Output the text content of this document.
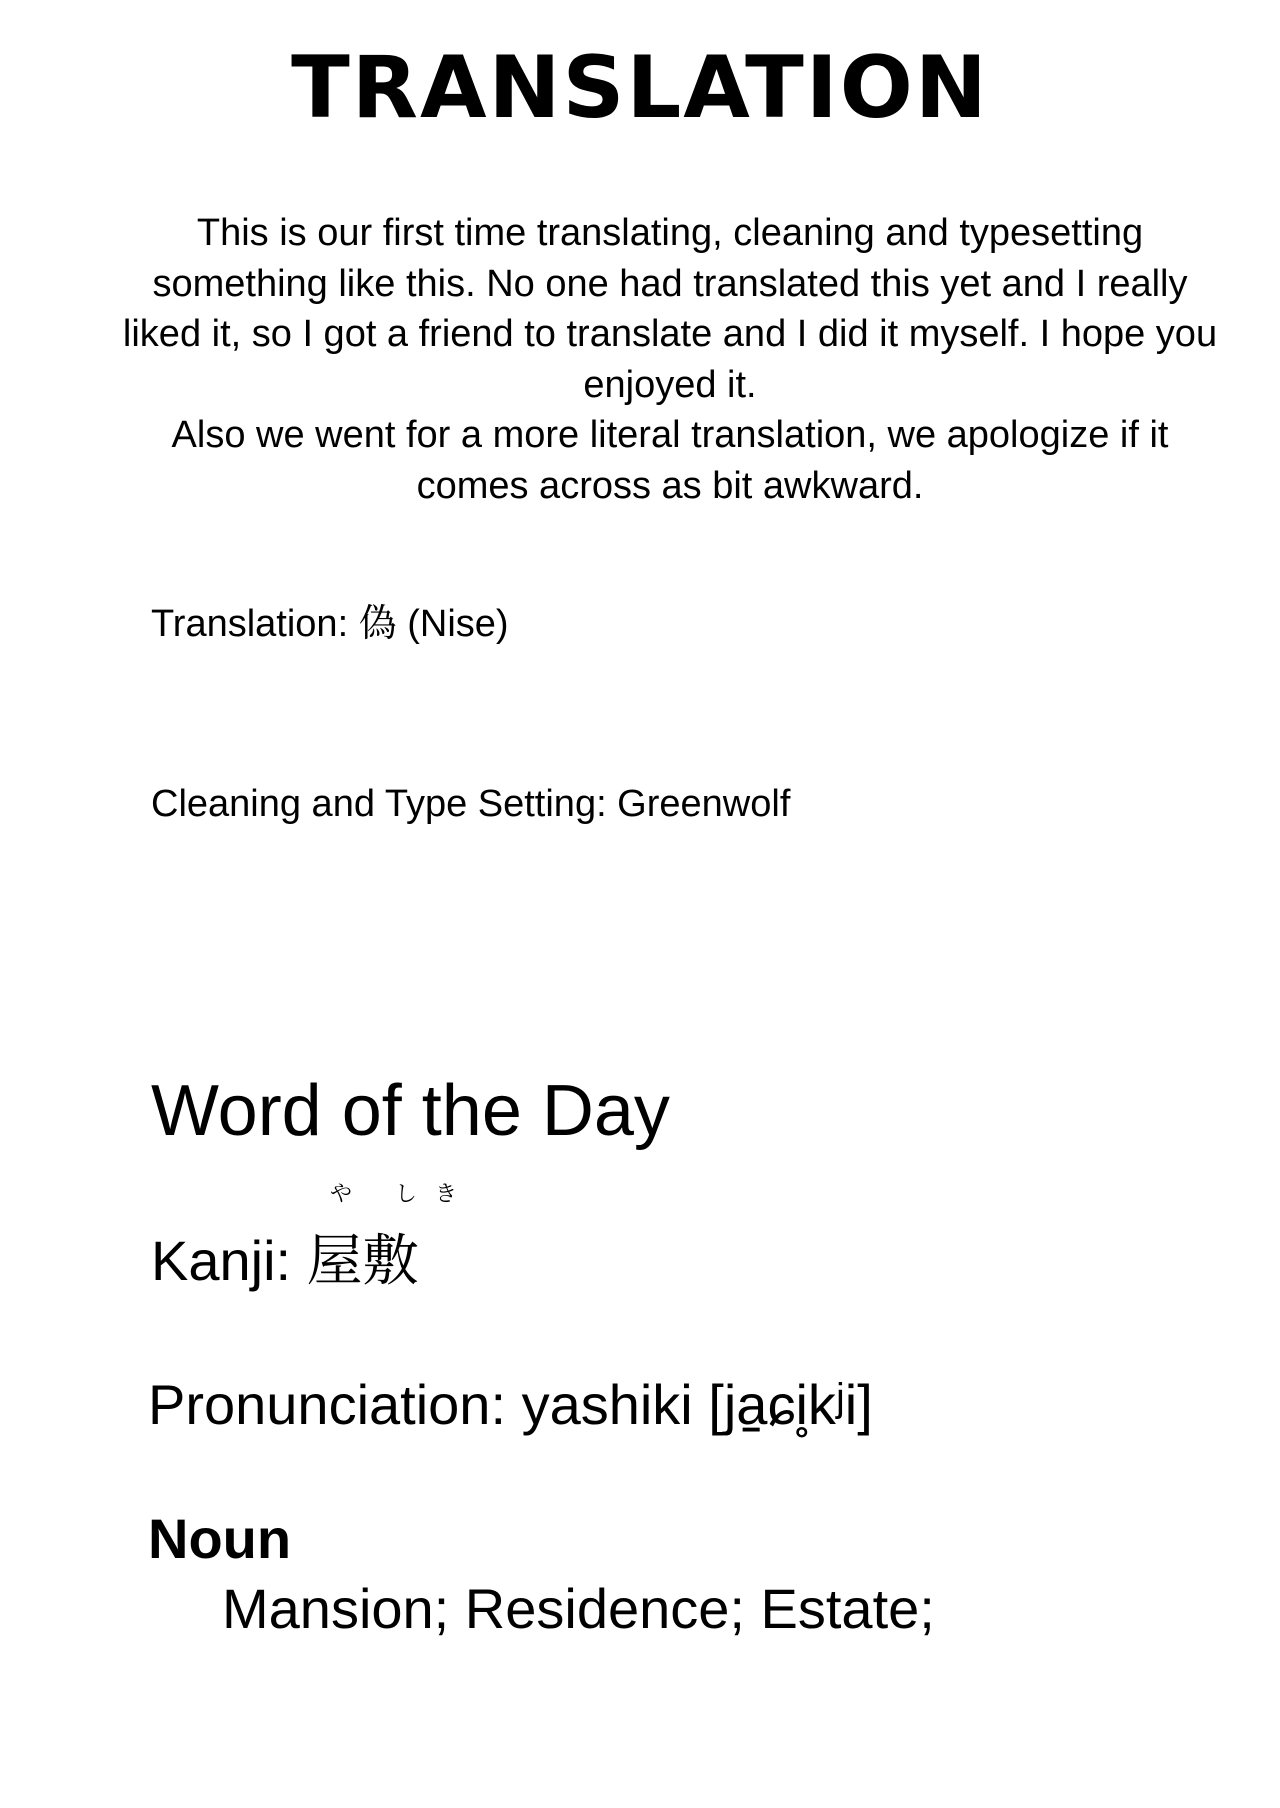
TRANSLATION

This is our first time translating, cleaning and typesetting something like this. No one had translated this yet and I really liked it, so I got a friend to translate and I did it myself. I hope you enjoyed it.

Also we went for a more literal translation, we apologize if it comes across as bit awkward.

Translation: 偽 (Nise)
Cleaning and Type Setting: Greenwolf
Word of the Day
や しき
Kanji: 屋敷
Pronunciation: yashiki [ja̠ɕi̥kʲi]
Noun
Mansion; Residence; Estate;
